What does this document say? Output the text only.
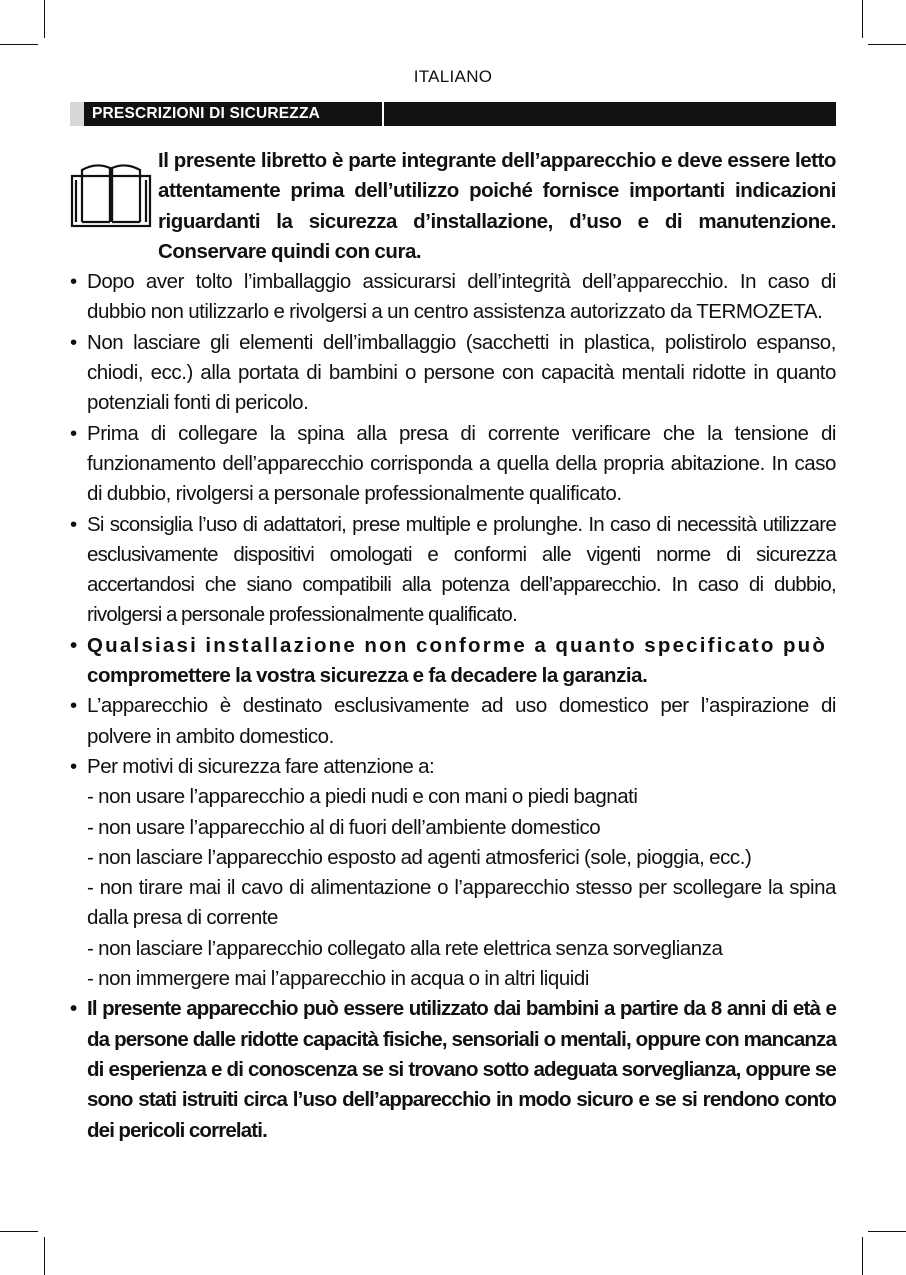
ITALIANO
PRESCRIZIONI DI SICUREZZA

Il presente libretto è parte integrante dell’apparecchio e deve essere letto attentamente prima dell’utilizzo poiché fornisce importanti indicazioni riguardanti la sicurezza d’installazione, d’uso e di manutenzione. Conservare quindi con cura.

• Dopo aver tolto l’imballaggio assicurarsi dell’integrità dell’apparecchio. In caso di dubbio non utilizzarlo e rivolgersi a un centro assistenza autorizzato da TERMOZETA.

• Non lasciare gli elementi dell’imballaggio (sacchetti in plastica, polistirolo espanso, chiodi, ecc.) alla portata di bambini o persone con capacità mentali ridotte in quanto potenziali fonti di pericolo.

• Prima di collegare la spina alla presa di corrente verificare che la tensione di funzionamento dell’apparecchio corrisponda a quella della propria abitazione. In caso di dubbio, rivolgersi a personale professionalmente qualificato.

• Si sconsiglia l’uso di adattatori, prese multiple e prolunghe. In caso di necessità utilizzare esclusivamente dispositivi omologati e conformi alle vigenti norme di sicurezza accertandosi che siano compatibili alla potenza dell’apparecchio. In caso di dubbio, rivolgersi a personale professionalmente qualificato.

• Qualsiasi installazione non conforme a quanto specificato può
compromettere la vostra sicurezza e fa decadere la garanzia.

• L’apparecchio è destinato esclusivamente ad uso domestico per l’aspirazione di polvere in ambito domestico.

• Per motivi di sicurezza fare attenzione a:

- non usare l’apparecchio a piedi nudi e con mani o piedi bagnati

- non usare l’apparecchio al di fuori dell’ambiente domestico

- non lasciare l’apparecchio esposto ad agenti atmosferici (sole, pioggia, ecc.)

- non tirare mai il cavo di alimentazione o l’apparecchio stesso per scollegare la spina dalla presa di corrente

- non lasciare l’apparecchio collegato alla rete elettrica senza sorveglianza

- non immergere mai l’apparecchio in acqua o in altri liquidi

• Il presente apparecchio può essere utilizzato dai bambini a partire da 8 anni di età e da persone dalle ridotte capacità fisiche, sensoriali o mentali, oppure con mancanza di esperienza e di conoscenza se si trovano sotto adeguata sorveglianza, oppure se sono stati istruiti circa l’uso dell’apparecchio in modo sicuro e se si rendono conto dei pericoli correlati.
